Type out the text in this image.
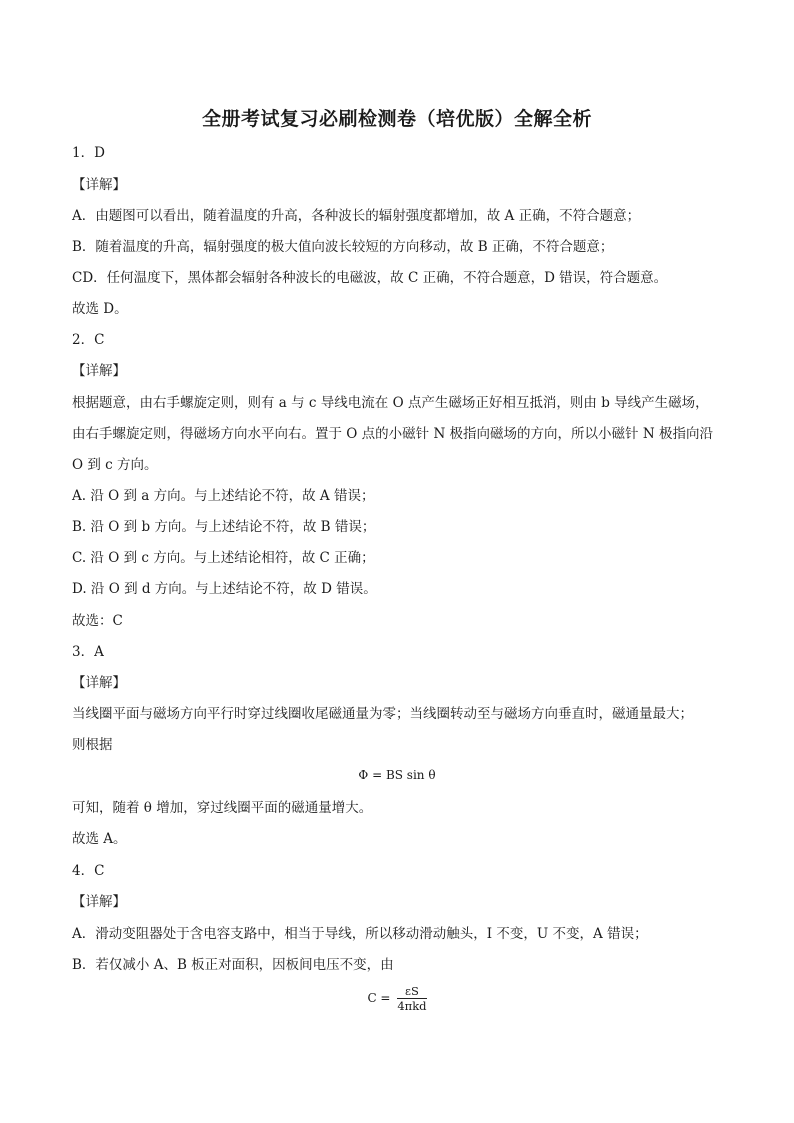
全册考试复习必刷检测卷（培优版）全解全析
1．D
【详解】
A．由题图可以看出，随着温度的升高，各种波长的辐射强度都增加，故 A 正确，不符合题意；
B．随着温度的升高，辐射强度的极大值向波长较短的方向移动，故 B 正确，不符合题意；
CD．任何温度下，黑体都会辐射各种波长的电磁波，故 C 正确，不符合题意，D 错误，符合题意。
故选 D。
2．C
【详解】
根据题意，由右手螺旋定则，则有 a 与 c 导线电流在 O 点产生磁场正好相互抵消，则由 b 导线产生磁场，
由右手螺旋定则，得磁场方向水平向右。置于 O 点的小磁针 N 极指向磁场的方向，所以小磁针 N 极指向沿
O 到 c 方向。
A. 沿 O 到 a 方向。与上述结论不符，故 A 错误；
B. 沿 O 到 b 方向。与上述结论不符，故 B 错误；
C. 沿 O 到 c 方向。与上述结论相符，故 C 正确；
D. 沿 O 到 d 方向。与上述结论不符，故 D 错误。
故选：C
3．A
【详解】
当线圈平面与磁场方向平行时穿过线圈收尾磁通量为零；当线圈转动至与磁场方向垂直时，磁通量最大；
则根据
Φ = BS sin θ
可知，随着 θ 增加，穿过线圈平面的磁通量增大。
故选 A。
4．C
【详解】
A．滑动变阻器处于含电容支路中，相当于导线，所以移动滑动触头，I 不变，U 不变，A 错误；
B．若仅减小 A、B 板正对面积，因板间电压不变，由
$C = \frac{\varepsilon S}{\text{4πkd}}$
